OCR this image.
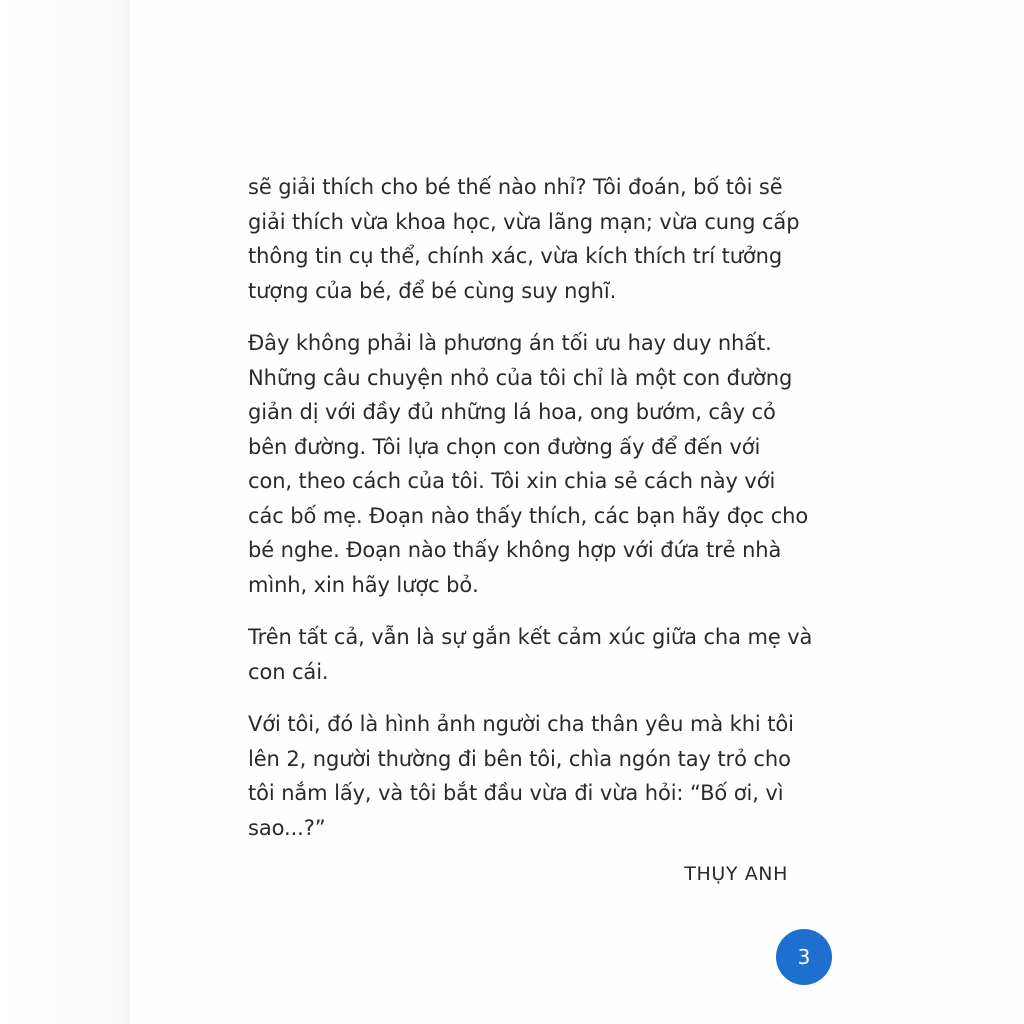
sẽ giải thích cho bé thế nào nhỉ? Tôi đoán, bố tôi sẽ
giải thích vừa khoa học, vừa lãng mạn; vừa cung cấp
thông tin cụ thể, chính xác, vừa kích thích trí tưởng
tượng của bé, để bé cùng suy nghĩ.

Đây không phải là phương án tối ưu hay duy nhất.
Những câu chuyện nhỏ của tôi chỉ là một con đường
giản dị với đầy đủ những lá hoa, ong bướm, cây cỏ
bên đường. Tôi lựa chọn con đường ấy để đến với
con, theo cách của tôi. Tôi xin chia sẻ cách này với
các bố mẹ. Đoạn nào thấy thích, các bạn hãy đọc cho
bé nghe. Đoạn nào thấy không hợp với đứa trẻ nhà
mình, xin hãy lược bỏ.

Trên tất cả, vẫn là sự gắn kết cảm xúc giữa cha mẹ và
con cái.

Với tôi, đó là hình ảnh người cha thân yêu mà khi tôi
lên 2, người thường đi bên tôi, chìa ngón tay trỏ cho
tôi nắm lấy, và tôi bắt đầu vừa đi vừa hỏi: “Bố ơi, vì
sao...?”

THỤY ANH
3
